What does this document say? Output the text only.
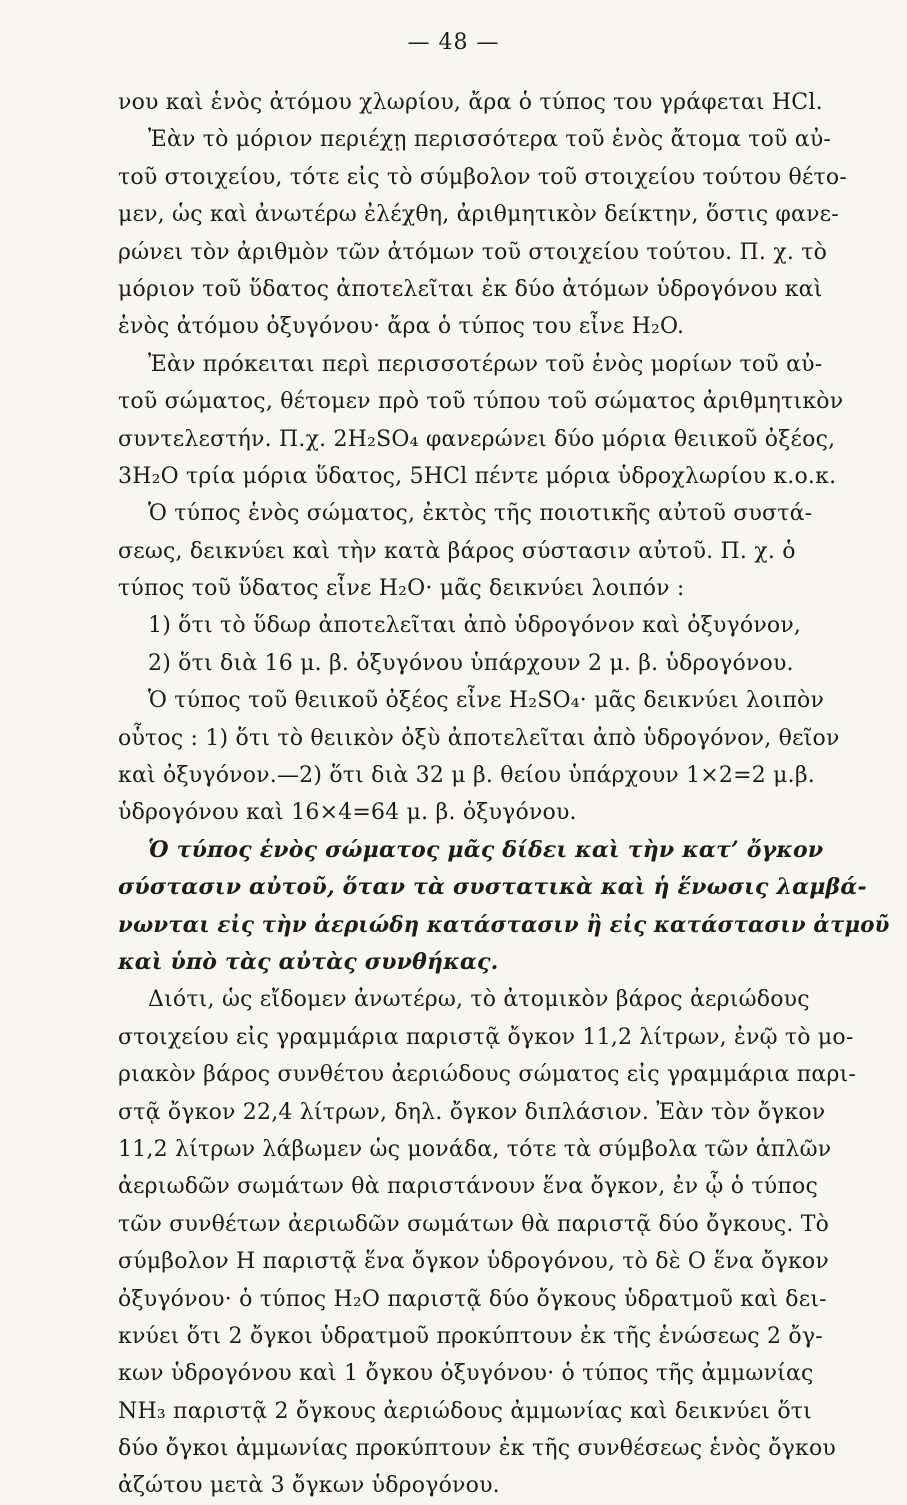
— 48 —
νου καὶ ἑνὸς ἀτόμου χλωρίου, ἄρα ὁ τύπος του γράφεται HCl.
Ἐὰν τὸ μόριον περιέχῃ περισσότερα τοῦ ἑνὸς ἄτομα τοῦ αὐ-
τοῦ στοιχείου, τότε εἰς τὸ σύμβολον τοῦ στοιχείου τούτου θέτο-
μεν, ὡς καὶ ἀνωτέρω ἐλέχθη, ἀριθμητικὸν δείκτην, ὅστις φανε-
ρώνει τὸν ἀριθμὸν τῶν ἀτόμων τοῦ στοιχείου τούτου. Π. χ. τὸ
μόριον τοῦ ὕδατος ἀποτελεῖται ἐκ δύο ἀτόμων ὑδρογόνου καὶ
ἑνὸς ἀτόμου ὀξυγόνου· ἄρα ὁ τύπος του εἶνε H₂O.
Ἐὰν πρόκειται περὶ περισσοτέρων τοῦ ἑνὸς μορίων τοῦ αὐ-
τοῦ σώματος, θέτομεν πρὸ τοῦ τύπου τοῦ σώματος ἀριθμητικὸν
συντελεστήν. Π.χ. 2H₂SO₄ φανερώνει δύο μόρια θειικοῦ ὀξέος,
3H₂O τρία μόρια ὕδατος, 5HCl πέντε μόρια ὑδροχλωρίου κ.ο.κ.
Ὁ τύπος ἑνὸς σώματος, ἐκτὸς τῆς ποιοτικῆς αὐτοῦ συστά-
σεως, δεικνύει καὶ τὴν κατὰ βάρος σύστασιν αὐτοῦ. Π. χ. ὁ
τύπος τοῦ ὕδατος εἶνε H₂O· μᾶς δεικνύει λοιπόν :
1) ὅτι τὸ ὕδωρ ἀποτελεῖται ἀπὸ ὑδρογόνον καὶ ὀξυγόνον,
2) ὅτι διὰ 16 μ. β. ὀξυγόνου ὑπάρχουν 2 μ. β. ὑδρογόνου.
Ὁ τύπος τοῦ θειικοῦ ὀξέος εἶνε H₂SO₄· μᾶς δεικνύει λοιπὸν
οὗτος : 1) ὅτι τὸ θειικὸν ὀξὺ ἀποτελεῖται ἀπὸ ὑδρογόνον, θεῖον
καὶ ὀξυγόνον.—2) ὅτι διὰ 32 μ β. θείου ὑπάρχουν 1×2=2 μ.β.
ὑδρογόνου καὶ 16×4=64 μ. β. ὀξυγόνου.
Ὁ τύπος ἑνὸς σώματος μᾶς δίδει καὶ τὴν κατ’ ὄγκον
σύστασιν αὐτοῦ, ὅταν τὰ συστατικὰ καὶ ἡ ἕνωσις λαμβά-
νωνται εἰς τὴν ἀεριώδη κατάστασιν ἢ εἰς κατάστασιν ἀτμοῦ
καὶ ὑπὸ τὰς αὐτὰς συνθήκας.
Διότι, ὡς εἴδομεν ἀνωτέρω, τὸ ἀτομικὸν βάρος ἀεριώδους
στοιχείου εἰς γραμμάρια παριστᾷ ὄγκον 11,2 λίτρων, ἐνῷ τὸ μο-
ριακὸν βάρος συνθέτου ἀεριώδους σώματος εἰς γραμμάρια παρι-
στᾷ ὄγκον 22,4 λίτρων, δηλ. ὄγκον διπλάσιον. Ἐὰν τὸν ὄγκον
11,2 λίτρων λάβωμεν ὡς μονάδα, τότε τὰ σύμβολα τῶν ἁπλῶν
ἀεριωδῶν σωμάτων θὰ παριστάνουν ἕνα ὄγκον, ἐν ᾧ ὁ τύπος
τῶν συνθέτων ἀεριωδῶν σωμάτων θὰ παριστᾷ δύο ὄγκους. Τὸ
σύμβολον H παριστᾷ ἕνα ὄγκον ὑδρογόνου, τὸ δὲ O ἕνα ὄγκον
ὀξυγόνου· ὁ τύπος H₂O παριστᾷ δύο ὄγκους ὑδρατμοῦ καὶ δει-
κνύει ὅτι 2 ὄγκοι ὑδρατμοῦ προκύπτουν ἐκ τῆς ἑνώσεως 2 ὄγ-
κων ὑδρογόνου καὶ 1 ὄγκου ὀξυγόνου· ὁ τύπος τῆς ἀμμωνίας
NH₃ παριστᾷ 2 ὄγκους ἀεριώδους ἀμμωνίας καὶ δεικνύει ὅτι
δύο ὄγκοι ἀμμωνίας προκύπτουν ἐκ τῆς συνθέσεως ἑνὸς ὄγκου
ἀζώτου μετὰ 3 ὄγκων ὑδρογόνου.
